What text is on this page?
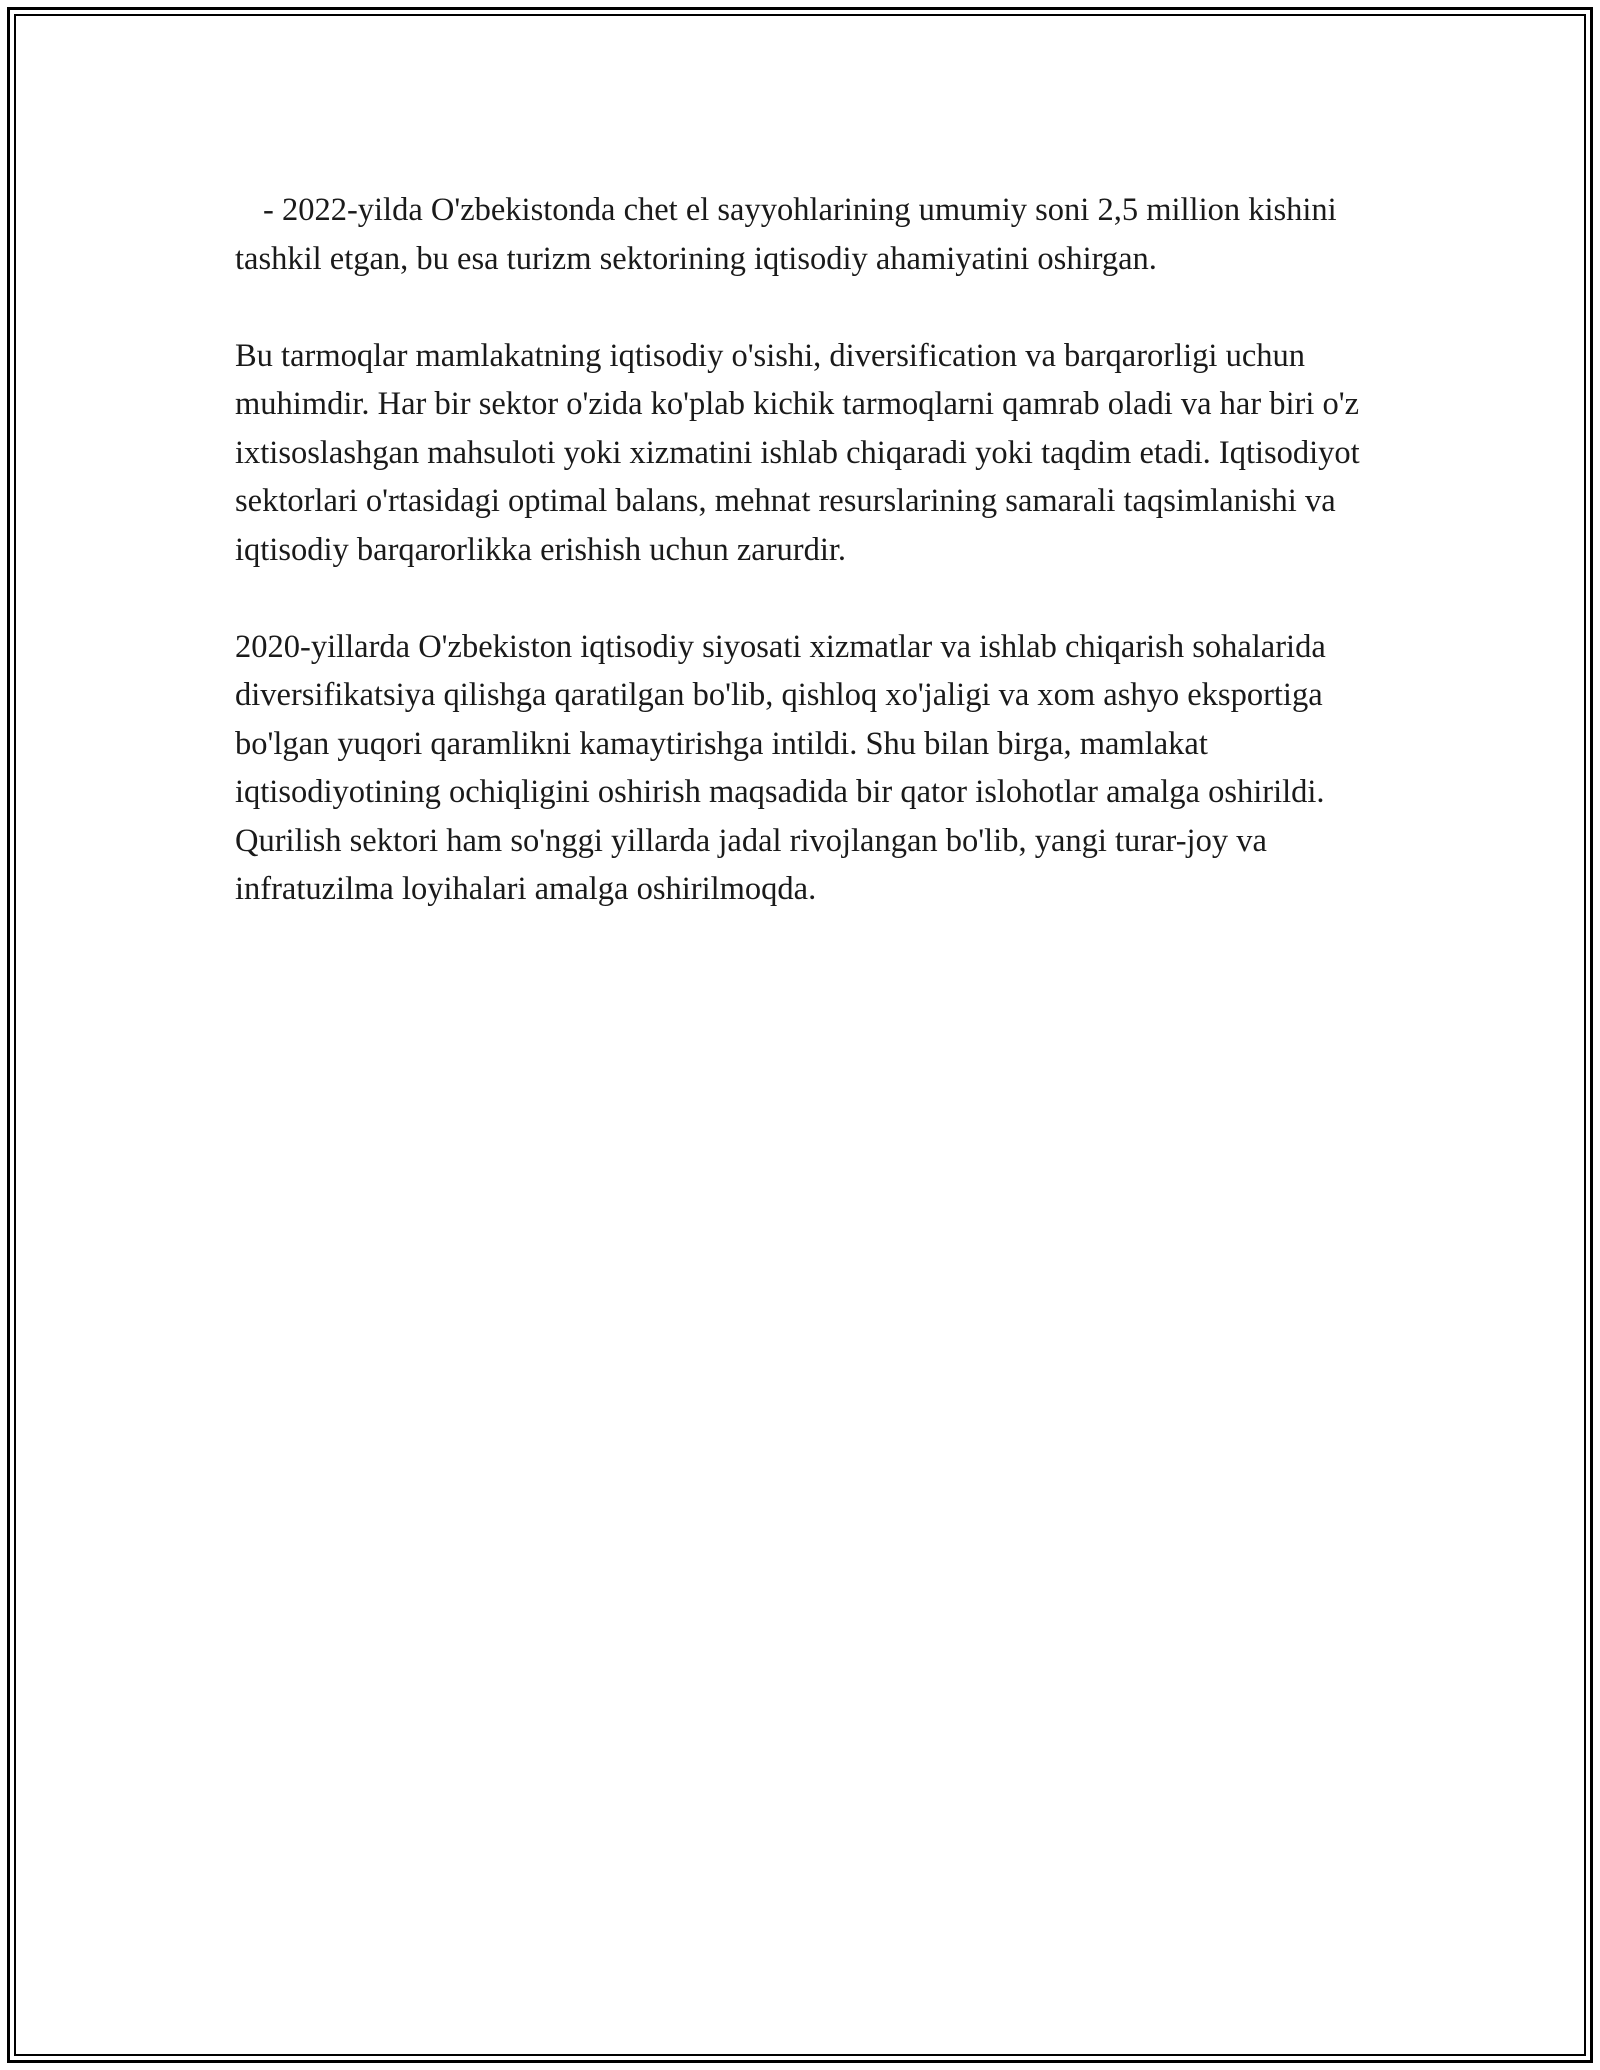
- 2022-yilda O'zbekistonda chet el sayyohlarining umumiy soni 2,5 million kishini tashkil etgan, bu esa turizm sektorining iqtisodiy ahamiyatini oshirgan.

Bu tarmoqlar mamlakatning iqtisodiy o'sishi, diversification va barqarorligi uchun muhimdir. Har bir sektor o'zida ko'plab kichik tarmoqlarni qamrab oladi va har biri o'z ixtisoslashgan mahsuloti yoki xizmatini ishlab chiqaradi yoki taqdim etadi. Iqtisodiyot sektorlari o'rtasidagi optimal balans, mehnat resurslarining samarali taqsimlanishi va iqtisodiy barqarorlikka erishish uchun zarurdir.

2020-yillarda O'zbekiston iqtisodiy siyosati xizmatlar va ishlab chiqarish sohalarida diversifikatsiya qilishga qaratilgan bo'lib, qishloq xo'jaligi va xom ashyo eksportiga bo'lgan yuqori qaramlikni kamaytirishga intildi. Shu bilan birga, mamlakat iqtisodiyotining ochiqligini oshirish maqsadida bir qator islohotlar amalga oshirildi. Qurilish sektori ham so'nggi yillarda jadal rivojlangan bo'lib, yangi turar-joy va infratuzilma loyihalari amalga oshirilmoqda.
